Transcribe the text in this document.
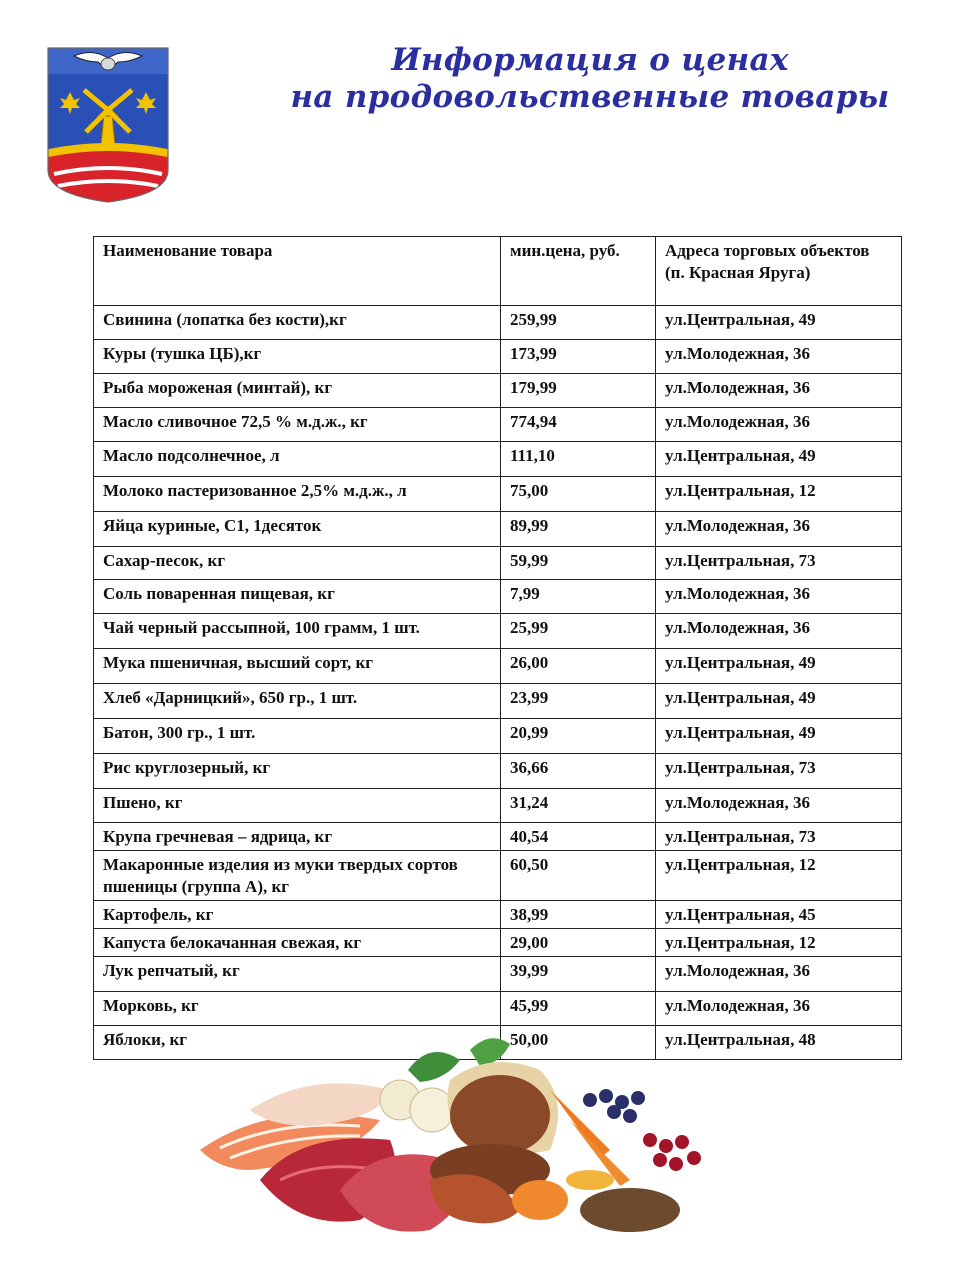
Информация о ценах
на продовольственные товары
Наименование товара	мин.цена, руб.	Адреса торговых объектов (п. Красная Яруга)
Свинина (лопатка без кости),кг	259,99	ул.Центральная, 49
Куры (тушка ЦБ),кг	173,99	ул.Молодежная, 36
Рыба мороженая (минтай), кг	179,99	ул.Молодежная, 36
Масло сливочное 72,5 % м.д.ж., кг	774,94	ул.Молодежная, 36
Масло подсолнечное, л	111,10	ул.Центральная, 49
Молоко пастеризованное 2,5% м.д.ж., л	75,00	ул.Центральная, 12
Яйца куриные, С1, 1десяток	89,99	ул.Молодежная, 36
Сахар-песок, кг	59,99	ул.Центральная, 73
Соль поваренная пищевая, кг	7,99	ул.Молодежная, 36
Чай черный рассыпной, 100 грамм, 1 шт.	25,99	ул.Молодежная, 36
Мука пшеничная, высший сорт, кг	26,00	ул.Центральная, 49
Хлеб «Дарницкий», 650 гр., 1 шт.	23,99	ул.Центральная, 49
Батон, 300 гр., 1 шт.	20,99	ул.Центральная, 49
Рис круглозерный, кг	36,66	ул.Центральная, 73
Пшено, кг	31,24	ул.Молодежная, 36
Крупа гречневая – ядрица, кг	40,54	ул.Центральная, 73
Макаронные изделия из муки твердых сортов пшеницы (группа А), кг	60,50	ул.Центральная, 12
Картофель, кг	38,99	ул.Центральная, 45
Капуста белокачанная свежая, кг	29,00	ул.Центральная, 12
Лук репчатый, кг	39,99	ул.Молодежная, 36
Морковь, кг	45,99	ул.Молодежная, 36
Яблоки, кг	50,00	ул.Центральная, 48
